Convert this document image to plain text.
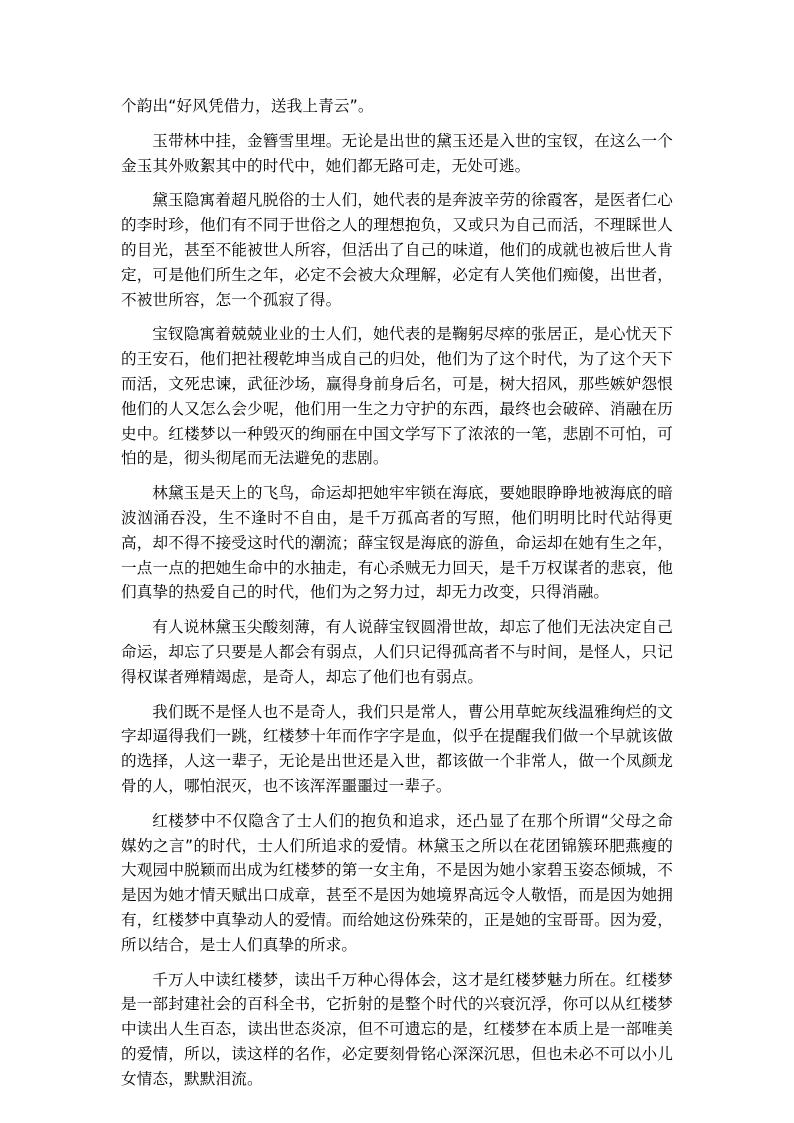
个韵出“好风凭借力，送我上青云”。

玉带林中挂，金簪雪里埋。无论是出世的黛玉还是入世的宝钗，在这么一个金玉其外败絮其中的时代中，她们都无路可走，无处可逃。

黛玉隐寓着超凡脱俗的士人们，她代表的是奔波辛劳的徐霞客，是医者仁心的李时珍，他们有不同于世俗之人的理想抱负，又或只为自己而活，不理睬世人的目光，甚至不能被世人所容，但活出了自己的味道，他们的成就也被后世人肯定，可是他们所生之年，必定不会被大众理解，必定有人笑他们痴傻，出世者，不被世所容，怎一个孤寂了得。

宝钗隐寓着兢兢业业的士人们，她代表的是鞠躬尽瘁的张居正，是心忧天下的王安石，他们把社稷乾坤当成自己的归处，他们为了这个时代，为了这个天下而活，文死忠谏，武征沙场，赢得身前身后名，可是，树大招风，那些嫉妒怨恨他们的人又怎么会少呢，他们用一生之力守护的东西，最终也会破碎、消融在历史中。红楼梦以一种毁灭的绚丽在中国文学写下了浓浓的一笔，悲剧不可怕，可怕的是，彻头彻尾而无法避免的悲剧。

林黛玉是天上的飞鸟，命运却把她牢牢锁在海底，要她眼睁睁地被海底的暗波汹涌吞没，生不逢时不自由，是千万孤高者的写照，他们明明比时代站得更高，却不得不接受这时代的潮流；薛宝钗是海底的游鱼，命运却在她有生之年，一点一点的把她生命中的水抽走，有心杀贼无力回天，是千万权谋者的悲哀，他们真挚的热爱自己的时代，他们为之努力过，却无力改变，只得消融。

有人说林黛玉尖酸刻薄，有人说薛宝钗圆滑世故，却忘了他们无法决定自己命运，却忘了只要是人都会有弱点，人们只记得孤高者不与时间，是怪人，只记得权谋者殚精竭虑，是奇人，却忘了他们也有弱点。

我们既不是怪人也不是奇人，我们只是常人，曹公用草蛇灰线温雅绚烂的文字却逼得我们一跳，红楼梦十年而作字字是血，似乎在提醒我们做一个早就该做的选择，人这一辈子，无论是出世还是入世，都该做一个非常人，做一个凤颜龙骨的人，哪怕泯灭，也不该浑浑噩噩过一辈子。

红楼梦中不仅隐含了士人们的抱负和追求，还凸显了在那个所谓“父母之命媒妁之言”的时代，士人们所追求的爱情。林黛玉之所以在花团锦簇环肥燕瘦的大观园中脱颖而出成为红楼梦的第一女主角，不是因为她小家碧玉姿态倾城，不是因为她才情天赋出口成章，甚至不是因为她境界高远令人敬悟，而是因为她拥有，红楼梦中真挚动人的爱情。而给她这份殊荣的，正是她的宝哥哥。因为爱，所以结合，是士人们真挚的所求。

千万人中读红楼梦，读出千万种心得体会，这才是红楼梦魅力所在。红楼梦是一部封建社会的百科全书，它折射的是整个时代的兴衰沉浮，你可以从红楼梦中读出人生百态，读出世态炎凉，但不可遗忘的是，红楼梦在本质上是一部唯美的爱情，所以，读这样的名作，必定要刻骨铭心深深沉思，但也未必不可以小儿女情态，默默泪流。
